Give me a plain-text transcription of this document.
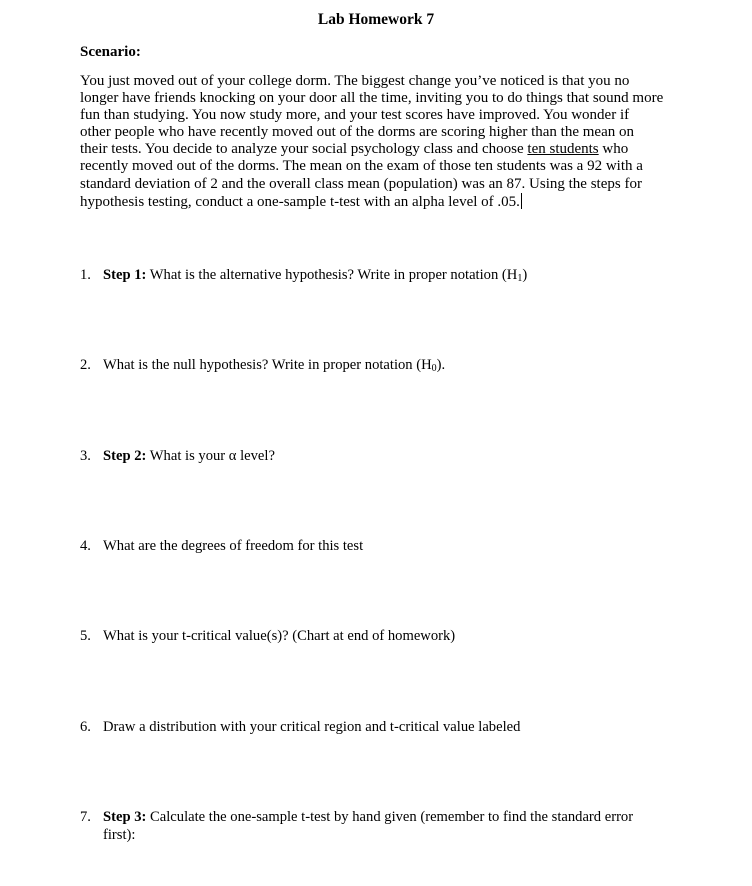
Lab Homework 7
Scenario:
You just moved out of your college dorm. The biggest change you’ve noticed is that you no
longer have friends knocking on your door all the time, inviting you to do things that sound more
fun than studying. You now study more, and your test scores have improved. You wonder if
other people who have recently moved out of the dorms are scoring higher than the mean on
their tests. You decide to analyze your social psychology class and choose ten students who
recently moved out of the dorms. The mean on the exam of those ten students was a 92 with a
standard deviation of 2 and the overall class mean (population) was an 87. Using the steps for
hypothesis testing, conduct a one-sample t-test with an alpha level of .05.
1. Step 1: What is the alternative hypothesis? Write in proper notation $(H_1)$
2. What is the null hypothesis? Write in proper notation $(H_0)$.
3. Step 2: What is your α level?
4. What are the degrees of freedom for this test
5. What is your t-critical value(s)? (Chart at end of homework)
6. Draw a distribution with your critical region and t-critical value labeled
7. Step 3: Calculate the one-sample t-test by hand given (remember to find the standard error
first):
